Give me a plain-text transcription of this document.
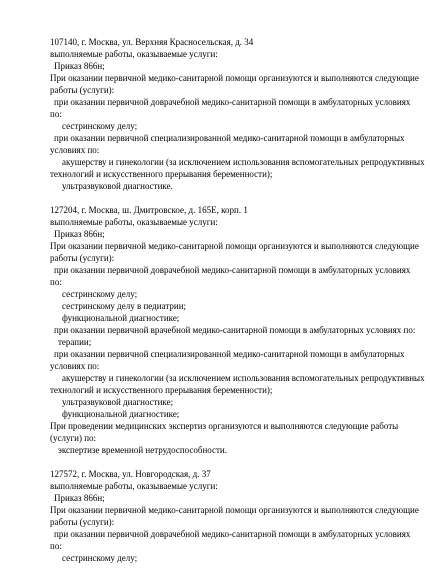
107140, г. Москва, ул. Верхняя Красносельская, д. 34
выполняемые работы, оказываемые услуги:
Приказ 866н;
При оказании первичной медико-санитарной помощи организуются и выполняются следующие
работы (услуги):
при оказании первичной доврачебной медико-санитарной помощи в амбулаторных условиях
по:
сестринскому делу;
при оказании первичной специализированной медико-санитарной помощи в амбулаторных
условиях по:
акушерству и гинекологии (за исключением использования вспомогательных репродуктивных
технологий и искусственного прерывания беременности);
ультразвуковой диагностике.
127204, г. Москва, ш. Дмитровское, д. 165Е, корп. 1
выполняемые работы, оказываемые услуги:
Приказ 866н;
При оказании первичной медико-санитарной помощи организуются и выполняются следующие
работы (услуги):
при оказании первичной доврачебной медико-санитарной помощи в амбулаторных условиях
по:
сестринскому делу;
сестринскому делу в педиатрии;
функциональной диагностике;
при оказании первичной врачебной медико-санитарной помощи в амбулаторных условиях по:
терапии;
при оказании первичной специализированной медико-санитарной помощи в амбулаторных
условиях по:
акушерству и гинекологии (за исключением использования вспомогательных репродуктивных
технологий и искусственного прерывания беременности);
ультразвуковой диагностике;
функциональной диагностике;
При проведении медицинских экспертиз организуются и выполняются следующие работы
(услуги) по:
экспертизе временной нетрудоспособности.
127572, г. Москва, ул. Новгородская, д. 37
выполняемые работы, оказываемые услуги:
Приказ 866н;
При оказании первичной медико-санитарной помощи организуются и выполняются следующие
работы (услуги):
при оказании первичной доврачебной медико-санитарной помощи в амбулаторных условиях
по:
сестринскому делу;
